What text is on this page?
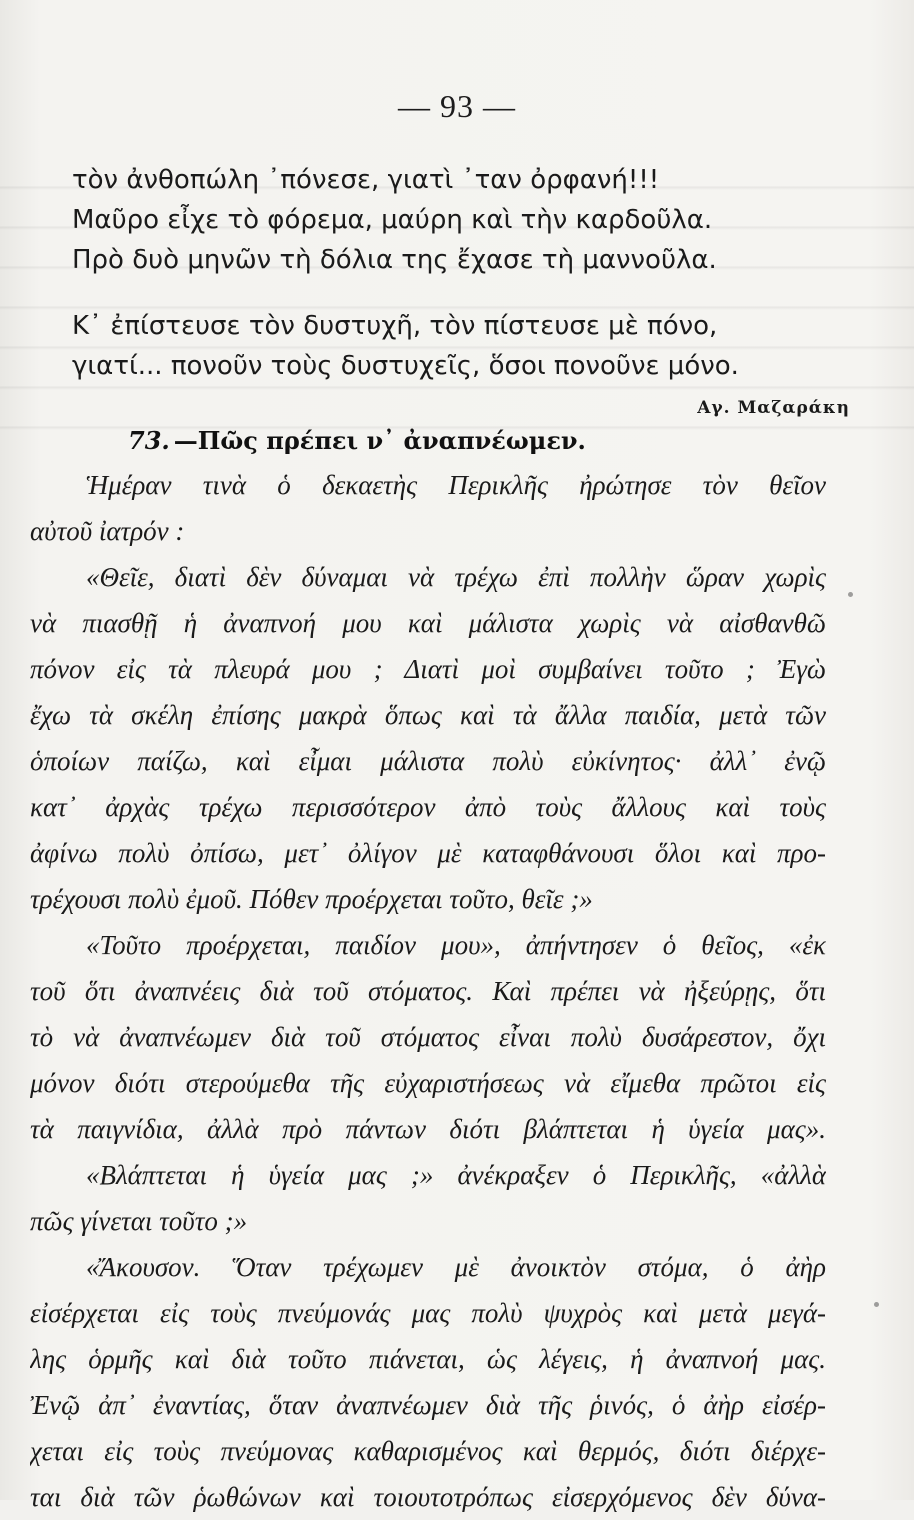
— 93 —
τὸν ἀνθοπώλη ᾽πόνεσε, γιατὶ ᾽ταν ὀρφανή!!!
Μαῦρο εἶχε τὸ φόρεμα, μαύρη καὶ τὴν καρδοῦλα.
Πρὸ δυὸ μηνῶν τὴ δόλια της ἔχασε τὴ μαννοῦλα.
Κ᾽ ἐπίστευσε τὸν δυστυχῆ, τὸν πίστευσε μὲ πόνο,
γιατί... πονοῦν τοὺς δυστυχεῖς, ὅσοι πονοῦνε μόνο.
Αγ. Μαζαράκη
73. —Πῶς πρέπει ν᾽ ἀναπνέωμεν.
Ἡμέραν τινὰ ὁ δεκαετὴς Περικλῆς ἠρώτησε τὸν θεῖον
αὐτοῦ ἰατρόν :
«Θεῖε, διατὶ δὲν δύναμαι νὰ τρέχω ἐπὶ πολλὴν ὥραν χωρὶς
νὰ πιασθῇ ἡ ἀναπνοή μου καὶ μάλιστα χωρὶς νὰ αἰσθανθῶ
πόνον εἰς τὰ πλευρά μου ; Διατὶ μοὶ συμβαίνει τοῦτο ; Ἐγὼ
ἔχω τὰ σκέλη ἐπίσης μακρὰ ὅπως καὶ τὰ ἄλλα παιδία, μετὰ τῶν
ὁποίων παίζω, καὶ εἶμαι μάλιστα πολὺ εὐκίνητος· ἀλλ᾽ ἐνῷ
κατ᾽ ἀρχὰς τρέχω περισσότερον ἀπὸ τοὺς ἄλλους καὶ τοὺς
ἀφίνω πολὺ ὀπίσω, μετ᾽ ὀλίγον μὲ καταφθάνουσι ὅλοι καὶ προ-
τρέχουσι πολὺ ἐμοῦ. Πόθεν προέρχεται τοῦτο, θεῖε ;»
«Τοῦτο προέρχεται, παιδίον μου», ἀπήντησεν ὁ θεῖος, «ἐκ
τοῦ ὅτι ἀναπνέεις διὰ τοῦ στόματος. Καὶ πρέπει νὰ ἠξεύρῃς, ὅτι
τὸ νὰ ἀναπνέωμεν διὰ τοῦ στόματος εἶναι πολὺ δυσάρεστον, ὄχι
μόνον διότι στερούμεθα τῆς εὐχαριστήσεως νὰ εἴμεθα πρῶτοι εἰς
τὰ παιγνίδια, ἀλλὰ πρὸ πάντων διότι βλάπτεται ἡ ὑγεία μας».
«Βλάπτεται ἡ ὑγεία μας ;» ἀνέκραξεν ὁ Περικλῆς, «ἀλλὰ
πῶς γίνεται τοῦτο ;»
«Ἄκουσον. Ὅταν τρέχωμεν μὲ ἀνοικτὸν στόμα, ὁ ἀὴρ
εἰσέρχεται εἰς τοὺς πνεύμονάς μας πολὺ ψυχρὸς καὶ μετὰ μεγά-
λης ὁρμῆς καὶ διὰ τοῦτο πιάνεται, ὡς λέγεις, ἡ ἀναπνοή μας.
Ἐνῷ ἀπ᾽ ἐναντίας, ὅταν ἀναπνέωμεν διὰ τῆς ῥινός, ὁ ἀὴρ εἰσέρ-
χεται εἰς τοὺς πνεύμονας καθαρισμένος καὶ θερμός, διότι διέρχε-
ται διὰ τῶν ῥωθώνων καὶ τοιουτοτρόπως εἰσερχόμενος δὲν δύνα-
